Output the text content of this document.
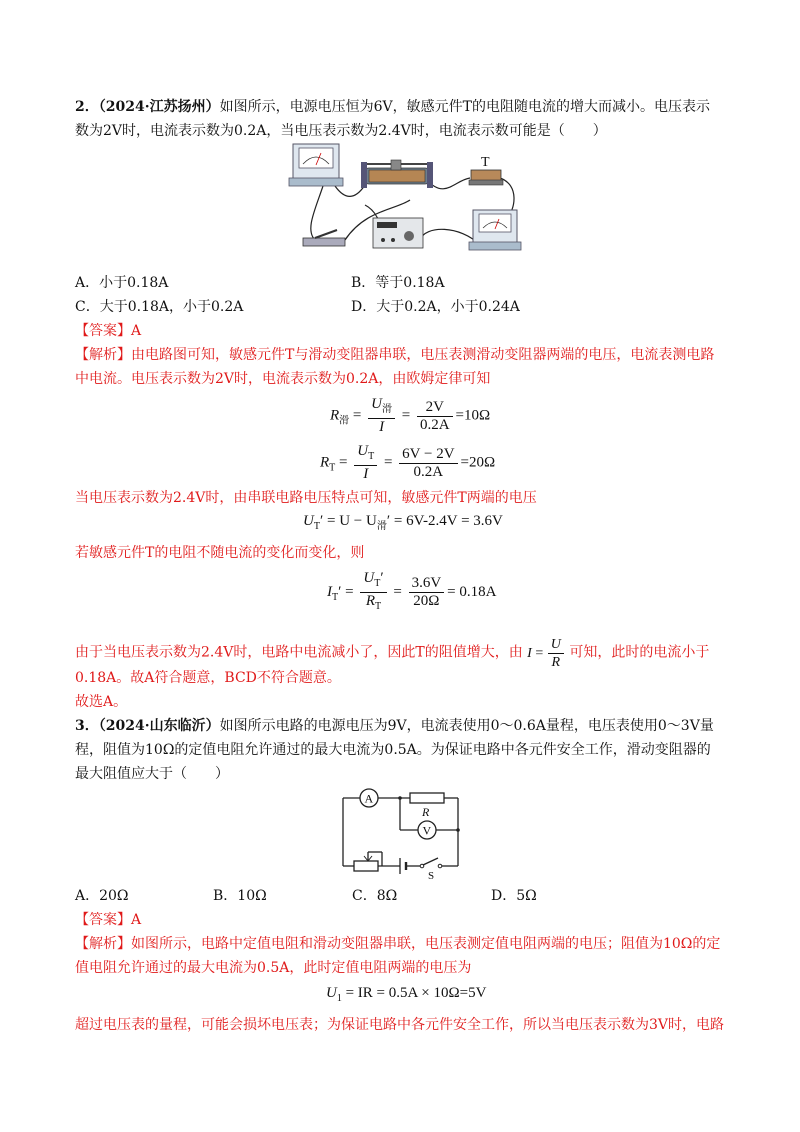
2．（2024·江苏扬州）如图所示，电源电压恒为6V，敏感元件T的电阻随电流的增大而减小。电压表示
数为2V时，电流表示数为0.2A，当电压表示数为2.4V时，电流表示数可能是（　　）
T
A．小于0.18A	B．等于0.18A
C．大于0.18A，小于0.2A	D．大于0.2A，小于0.24A
【答案】A
【解析】由电路图可知，敏感元件T与滑动变阻器串联，电压表测滑动变阻器两端的电压，电流表测电路
中电流。电压表示数为2V时，电流表示数为0.2A，由欧姆定律可知
$R_滑 = \frac{U_滑}{I} = \frac{2V}{0.2A} =10\Omega$
$R_T = \frac{U_T}{I} = \frac{6V - 2V}{0.2A} =20\Omega$
当电压表示数为2.4V时，由串联电路电压特点可知，敏感元件T两端的电压
$U_T' = U - U_滑' = 6V-2.4V = 3.6V$
若敏感元件T的电阻不随电流的变化而变化，则
$I_T' = \frac{U_T'}{R_T} = \frac{3.6V}{20\Omega} = 0.18A$
由于当电压表示数为2.4V时，电路中电流减小了，因此T的阻值增大，由 $I = \frac{U}{R}$ 可知，此时的电流小于
0.18A。故A符合题意，BCD不符合题意。
故选A。
3．（2024·山东临沂）如图所示电路的电源电压为9V，电流表使用0～0.6A量程，电压表使用0～3V量
程，阻值为10Ω的定值电阻允许通过的最大电流为0.5A。为保证电路中各元件安全工作，滑动变阻器的
最大阻值应大于（　　）
A
R
V
S
A．20Ω	B．10Ω	C．8Ω	D．5Ω
【答案】A
【解析】如图所示，电路中定值电阻和滑动变阻器串联，电压表测定值电阻两端的电压；阻值为10Ω的定
值电阻允许通过的最大电流为0.5A，此时定值电阻两端的电压为
$U_1$ = IR = 0.5A × 10Ω=5V
超过电压表的量程，可能会损坏电压表；为保证电路中各元件安全工作，所以当电压表示数为3V时，电路
